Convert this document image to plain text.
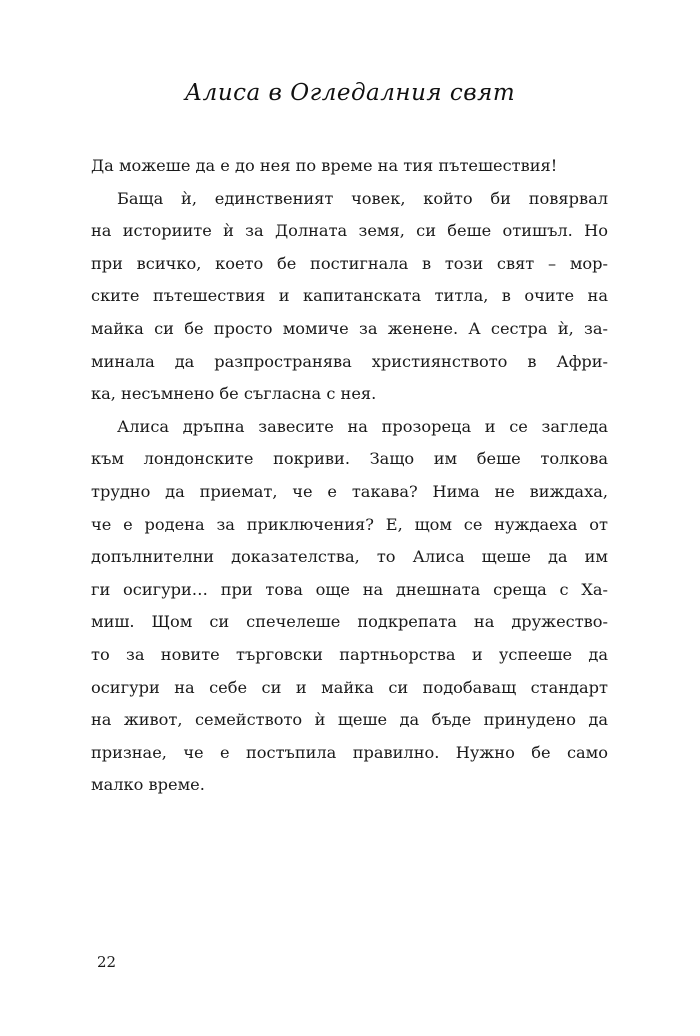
Алиса в Огледалния свят

Да можеше да е до нея по време на тия пътешествия!

Баща ѝ, единственият човек, който би повярвал
на историите ѝ за Долната земя, си беше отишъл. Но
при всичко, което бе постигнала в този свят – мор-
ските пътешествия и капитанската титла, в очите на
майка си бе просто момиче за женене. А сестра ѝ, за-
минала да разпространява християнството в Афри-
ка, несъмнено бе съгласна с нея.

Алиса дръпна завесите на прозореца и се загледа
към лондонските покриви. Защо им беше толкова
трудно да приемат, че е такава? Нима не виждаха,
че е родена за приключения? Е, щом се нуждаеха от
допълнителни доказателства, то Алиса щеше да им
ги осигури… при това още на днешната среща с Ха-
миш. Щом си спечелеше подкрепата на дружество-
то за новите търговски партньорства и успееше да
осигури на себе си и майка си подобаващ стандарт
на живот, семейството ѝ щеше да бъде принудено да
признае, че е постъпила правилно. Нужно бе само
малко време.

22
